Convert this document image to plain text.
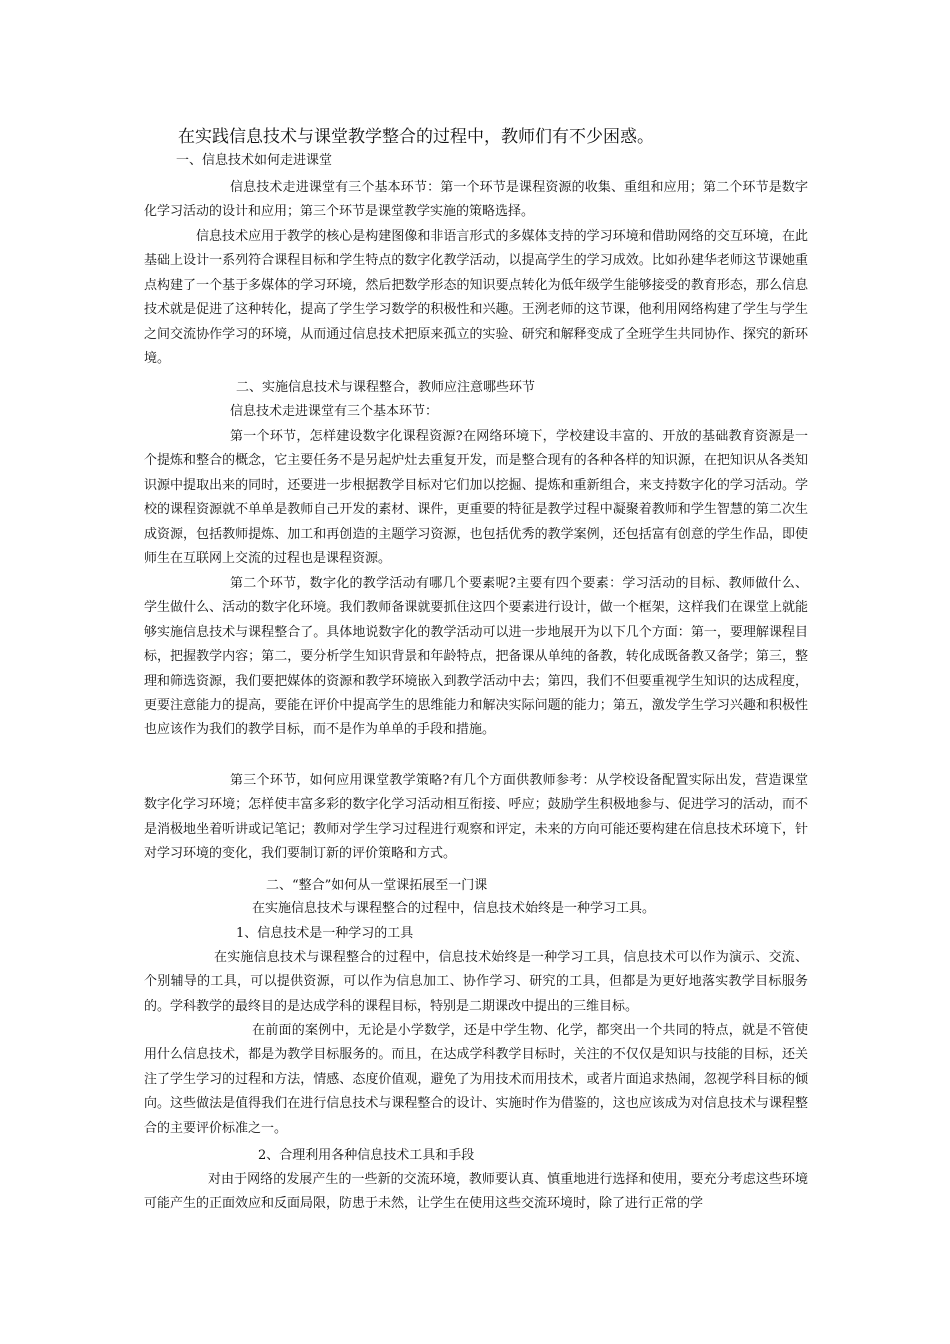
在实践信息技术与课堂教学整合的过程中，教师们有不少困惑。
一、信息技术如何走进课堂

信息技术走进课堂有三个基本环节：第一个环节是课程资源的收集、重组和应用；第二个环节是数字化学习活动的设计和应用；第三个环节是课堂教学实施的策略选择。

信息技术应用于教学的核心是构建图像和非语言形式的多媒体支持的学习环境和借助网络的交互环境，在此基础上设计一系列符合课程目标和学生特点的数字化教学活动，以提高学生的学习成效。比如孙建华老师这节课她重点构建了一个基于多媒体的学习环境，然后把数学形态的知识要点转化为低年级学生能够接受的教育形态，那么信息技术就是促进了这种转化，提高了学生学习数学的积极性和兴趣。王洌老师的这节课，他利用网络构建了学生与学生之间交流协作学习的环境，从而通过信息技术把原来孤立的实验、研究和解释变成了全班学生共同协作、探究的新环境。

二、实施信息技术与课程整合，教师应注意哪些环节

信息技术走进课堂有三个基本环节：

第一个环节，怎样建设数字化课程资源?在网络环境下，学校建设丰富的、开放的基础教育资源是一个提炼和整合的概念，它主要任务不是另起炉灶去重复开发，而是整合现有的各种各样的知识源，在把知识从各类知识源中提取出来的同时，还要进一步根据教学目标对它们加以挖掘、提炼和重新组合，来支持数字化的学习活动。学校的课程资源就不单单是教师自己开发的素材、课件，更重要的特征是教学过程中凝聚着教师和学生智慧的第二次生成资源，包括教师提炼、加工和再创造的主题学习资源，也包括优秀的教学案例，还包括富有创意的学生作品，即使师生在互联网上交流的过程也是课程资源。

第二个环节，数字化的教学活动有哪几个要素呢?主要有四个要素：学习活动的目标、教师做什么、学生做什么、活动的数字化环境。我们教师备课就要抓住这四个要素进行设计，做一个框架，这样我们在课堂上就能够实施信息技术与课程整合了。具体地说数字化的教学活动可以进一步地展开为以下几个方面：第一，要理解课程目标，把握教学内容；第二，要分析学生知识背景和年龄特点，把备课从单纯的备教，转化成既备教又备学；第三，整理和筛选资源，我们要把媒体的资源和教学环境嵌入到教学活动中去；第四，我们不但要重视学生知识的达成程度，更要注意能力的提高，要能在评价中提高学生的思维能力和解决实际问题的能力；第五，激发学生学习兴趣和积极性也应该作为我们的教学目标，而不是作为单单的手段和措施。

第三个环节，如何应用课堂教学策略?有几个方面供教师参考：从学校设备配置实际出发，营造课堂数字化学习环境；怎样使丰富多彩的数字化学习活动相互衔接、呼应；鼓励学生积极地参与、促进学习的活动，而不是消极地坐着听讲或记笔记；教师对学生学习过程进行观察和评定，未来的方向可能还要构建在信息技术环境下，针对学习环境的变化，我们要制订新的评价策略和方式。

二、“整合”如何从一堂课拓展至一门课

在实施信息技术与课程整合的过程中，信息技术始终是一种学习工具。

1、信息技术是一种学习的工具

在实施信息技术与课程整合的过程中，信息技术始终是一种学习工具，信息技术可以作为演示、交流、个别辅导的工具，可以提供资源，可以作为信息加工、协作学习、研究的工具，但都是为更好地落实教学目标服务的。学科教学的最终目的是达成学科的课程目标，特别是二期课改中提出的三维目标。

在前面的案例中，无论是小学数学，还是中学生物、化学，都突出一个共同的特点，就是不管使用什么信息技术，都是为教学目标服务的。而且，在达成学科教学目标时，关注的不仅仅是知识与技能的目标，还关注了学生学习的过程和方法，情感、态度价值观，避免了为用技术而用技术，或者片面追求热闹，忽视学科目标的倾向。这些做法是值得我们在进行信息技术与课程整合的设计、实施时作为借鉴的，这也应该成为对信息技术与课程整合的主要评价标准之一。

2、合理利用各种信息技术工具和手段

对由于网络的发展产生的一些新的交流环境，教师要认真、慎重地进行选择和使用，要充分考虑这些环境可能产生的正面效应和反面局限，防患于未然，让学生在使用这些交流环境时，除了进行正常的学
